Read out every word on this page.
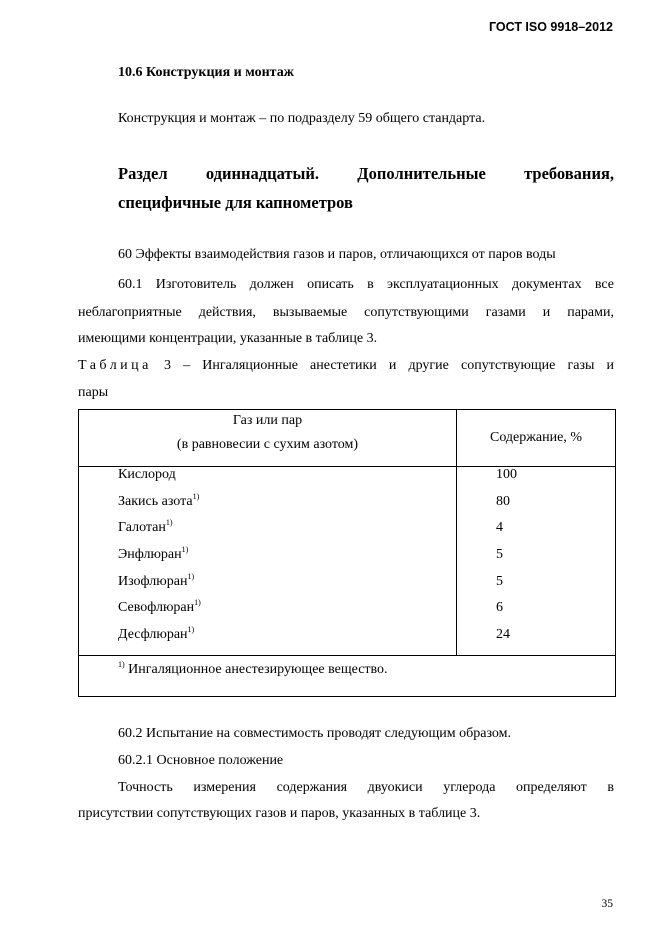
ГОСТ ISO 9918–2012
10.6 Конструкция и монтаж
Конструкция и монтаж – по подразделу 59 общего стандарта.
Раздел одиннадцатый. Дополнительные требования,
специфичные для капнометров
60 Эффекты взаимодействия газов и паров, отличающихся от паров воды
60.1 Изготовитель должен описать в эксплуатационных документах все
неблагоприятные действия, вызываемые сопутствующими газами и парами,
имеющими концентрации, указанные в таблице 3.
Таблица 3 – Ингаляционные анестетики и другие сопутствующие газы и
пары
Газ или пар
(в равновесии с сухим азотом)	Содержание, %

Кислород	100
Закись азота$^{1)}$	80
Галотан$^{1)}$	4
Энфлюран$^{1)}$	5
Изофлюран$^{1)}$	5
Севофлюран$^{1)}$	6
Десфлюран$^{1)}$	24
$^{1)}$ Ингаляционное анестезирующее вещество.
60.2 Испытание на совместимость проводят следующим образом.
60.2.1 Основное положение
Точность измерения содержания двуокиси углерода определяют в
присутствии сопутствующих газов и паров, указанных в таблице 3.
35
